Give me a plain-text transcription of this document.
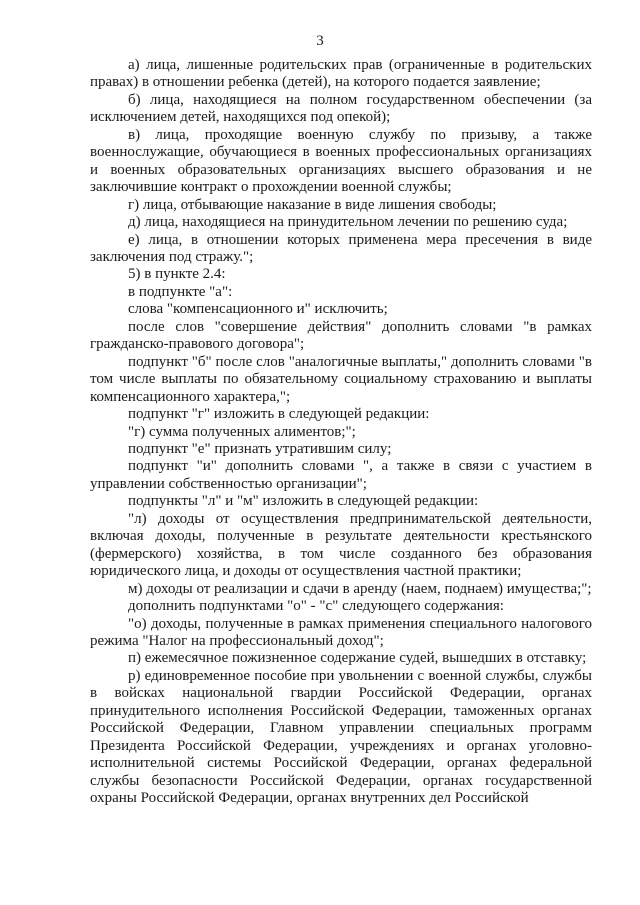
3

а) лица, лишенные родительских прав (ограниченные в родительских правах) в отношении ребенка (детей), на которого подается заявление;

б) лица, находящиеся на полном государственном обеспечении (за исключением детей, находящихся под опекой);

в) лица, проходящие военную службу по призыву, а также военнослужащие, обучающиеся в военных профессиональных организациях и военных образовательных организациях высшего образования и не заключившие контракт о прохождении военной службы;

г) лица, отбывающие наказание в виде лишения свободы;

д) лица, находящиеся на принудительном лечении по решению суда;

е) лица, в отношении которых применена мера пресечения в виде заключения под стражу.";

5) в пункте 2.4:

в подпункте "а":

слова "компенсационного и" исключить;

после слов "совершение действия" дополнить словами "в рамках гражданско-правового договора";

подпункт "б" после слов "аналогичные выплаты," дополнить словами "в том числе выплаты по обязательному социальному страхованию и выплаты компенсационного характера,";

подпункт "г" изложить в следующей редакции:

"г) сумма полученных алиментов;";

подпункт "е" признать утратившим силу;

подпункт "и" дополнить словами ", а также в связи с участием в управлении собственностью организации";

подпункты "л" и "м" изложить в следующей редакции:

"л) доходы от осуществления предпринимательской деятельности, включая доходы, полученные в результате деятельности крестьянского (фермерского) хозяйства, в том числе созданного без образования юридического лица, и доходы от осуществления частной практики;

м) доходы от реализации и сдачи в аренду (наем, поднаем) имущества;";

дополнить подпунктами "о" - "с" следующего содержания:

"о) доходы, полученные в рамках применения специального налогового режима "Налог на профессиональный доход";

п) ежемесячное пожизненное содержание судей, вышедших в отставку;

р) единовременное пособие при увольнении с военной службы, службы в войсках национальной гвардии Российской Федерации, органах принудительного исполнения Российской Федерации, таможенных органах Российской Федерации, Главном управлении специальных программ Президента Российской Федерации, учреждениях и органах уголовно-исполнительной системы Российской Федерации, органах федеральной службы безопасности Российской Федерации, органах государственной охраны Российской Федерации, органах внутренних дел Российской
